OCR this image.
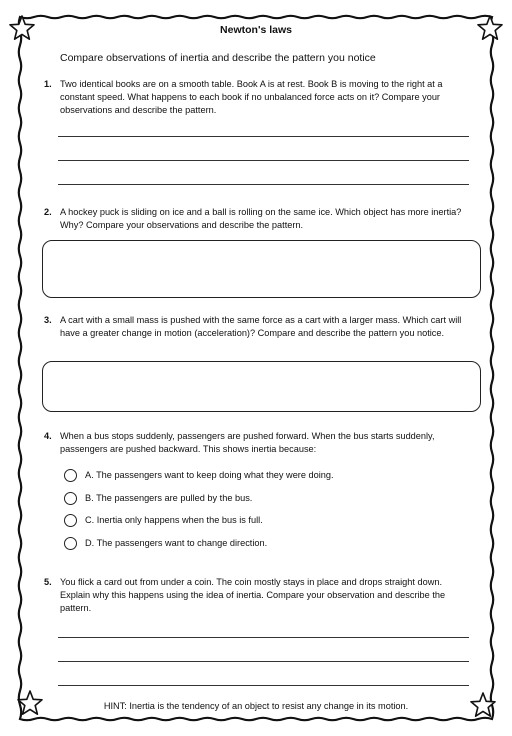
Newton's laws
Compare observations of inertia and describe the pattern you notice
1. Two identical books are on a smooth table. Book A is at rest. Book B is moving to the right at a constant speed. What happens to each book if no unbalanced force acts on it? Compare your observations and describe the pattern.
2. A hockey puck is sliding on ice and a ball is rolling on the same ice. Which object has more inertia? Why? Compare your observations and describe the pattern.
3. A cart with a small mass is pushed with the same force as a cart with a larger mass. Which cart will have a greater change in motion (acceleration)? Compare and describe the pattern you notice.
4. When a bus stops suddenly, passengers are pushed forward. When the bus starts suddenly, passengers are pushed backward. This shows inertia because:
A. The passengers want to keep doing what they were doing.
B. The passengers are pulled by the bus.
C. Inertia only happens when the bus is full.
D. The passengers want to change direction.
5. You flick a card out from under a coin. The coin mostly stays in place and drops straight down. Explain why this happens using the idea of inertia. Compare your observation and describe the pattern.
HINT: Inertia is the tendency of an object to resist any change in its motion.
